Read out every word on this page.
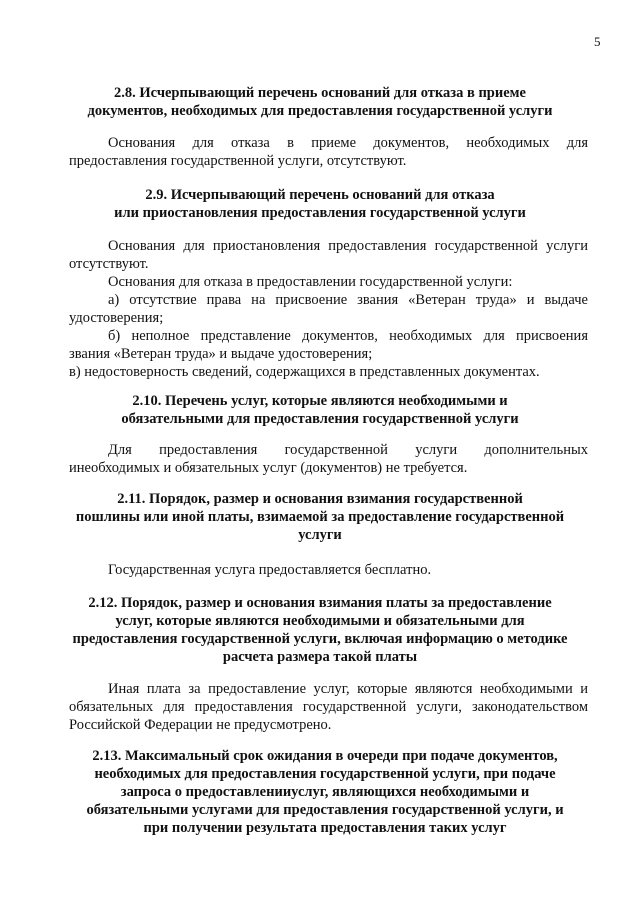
5
2.8. Исчерпывающий перечень оснований для отказа в приеме
документов, необходимых для предоставления государственной услуги
Основания для отказа в приеме документов, необходимых для
предоставления государственной услуги, отсутствуют.
2.9. Исчерпывающий перечень оснований для отказа
или приостановления предоставления государственной услуги
Основания для приостановления предоставления государственной услуги
отсутствуют.
Основания для отказа в предоставлении государственной услуги:
а) отсутствие права на присвоение звания «Ветеран труда» и выдаче
удостоверения;
б) неполное представление документов, необходимых для присвоения
звания «Ветеран труда» и выдаче удостоверения;
в) недостоверность сведений, содержащихся в представленных документах.
2.10. Перечень услуг, которые являются необходимыми и
обязательными для предоставления государственной услуги
Для предоставления государственной услуги дополнительных
инеобходимых и обязательных услуг (документов) не требуется.
2.11. Порядок, размер и основания взимания государственной
пошлины или иной платы, взимаемой за предоставление государственной
услуги
Государственная услуга предоставляется бесплатно.
2.12. Порядок, размер и основания взимания платы за предоставление
услуг, которые являются необходимыми и обязательными для
предоставления государственной услуги, включая информацию о методике
расчета размера такой платы
Иная плата за предоставление услуг, которые являются необходимыми и
обязательных для предоставления государственной услуги, законодательством
Российской Федерации не предусмотрено.
2.13. Максимальный срок ожидания в очереди при подаче документов,
необходимых для предоставления государственной услуги, при подаче
запроса о предоставленииуслуг, являющихся необходимыми и
обязательными услугами для предоставления государственной услуги, и
при получении результата предоставления таких услуг
